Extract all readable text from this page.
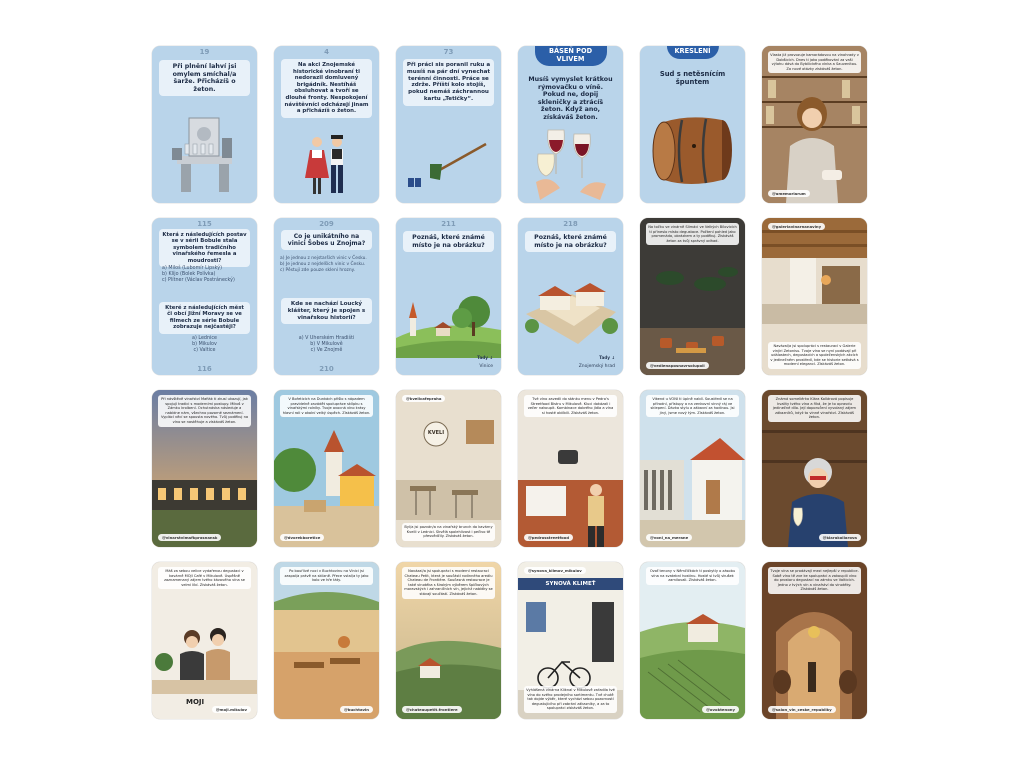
19
Při plnění lahví jsi omylem smíchal/a šarže. Přicházíš o žeton.
4
Na akci Znojemské historické vinobraní ti nedorazil domluvený brigádník. Nestíháš obsluhovat a tvoří se dlouhé fronty. Nespokojení návštěvníci odcházejí jinam a přicházíš o žeton.
73
Při práci sis poranil ruku a musíš na pár dní vynechat terénní činnosti. Práce se zdrže. Příští kolo stojíš, pokud nemáš záchrannou kartu „Tetičky“.
BÁSEŇ POD VLIVEM
Musíš vymyslet krátkou rýmovačku o víně. Pokud ne, dopij skleničky a ztrácíš žeton. Když ano, získáváš žeton.
KRESLENÍ
Sud s netěsnícím špuntem
Vlasta již provozuje kamarádovou na vinohrady v Dobšicích. Dnes ti jako poděkování za vaši výlohu dává do Bybilického vínka a Sauvenitou. Za nové otázky získáváš žeton.
@amemoriarum
115
Která z následujících postav se v sérii Bobule stala symbolem tradičního vinařského řemesla a moudrosti?
a) Miloš (Lubomír Lipský)
b) Klíjo (Bolek Polívka)
c) Plítner (Václav Postránecký)
Které z následujících měst či obcí Jižní Moravy se ve filmech ze série Bobule zobrazuje nejčastěji?
a) Lednice
b) Mikulov
c) Valtice
116
209
Co je unikátního na vinici Šobes u Znojma?
a) Je jednou z nejstarších vinic v Česku.
b) Je jednou z nejdelších vinic v Česku.
c) Pěstují zde pouze sklení hrozny.
Kde se nachází Loucký klášter, který je spojen s vinařskou historií?
a) V Uherském Hradišti
b) V Mikulově
c) Ve Znojmě
210
211
Poznáš, které známé místo je na obrázku?
Tady ↓
Vinice
218
Poznáš, které známé místo je na obrázku?
Tady ↓
Znojemský hrad
Na točku ve vinárně Slimáci ve Velkých Bílovicích ti přineslo místo degustace. Počtení pohled jako promenáda, obrázkem a ty poděkuj. Získáváš žeton za tvůj správný odhad.
@vedlenaposnavrsolupoli
@galeriavinarnanaviny
Navázal/a jsi spolupráci s restaurací v Galerie vinjiri Zetonisu. Tvoje vína se nyní podávají při událostech, degustacích a společenských akcích v jedinečném prostředí, kde se historie setkává s moderní elegancí. Získáváš žeton.
Při návštěvě vinařství Mafiák ti zkusí ukazují, jak spojují tradici s moderními postupy. Mikoš v Zámku krolbení. Ochutnávka následuje a nabídne nám, všechno pozorné seznámení. Vyplácí věcí se spousta nového. Tvůj poděkuj na víno se nastěhuje a získáváš žeton.
@vinarstvimafkprasnansk
V Bořeticích na Dunkách přišlo s nápadem pravidelně zavádět spolupráce sklípku s vinařskými rolníky. Tvoje ovocná víno krásy hlavní roli v okolní velký úspěch. Získáváš žeton.
@dvorekboretice
@kvelicafepraha
KVELI
Byl/a jsi pozván/a na vinařský brunch do kavárny Kvelli v Lednici. Skvělá spolehlivost i pečivo tě přesvědčily. Získáváš žeton.
Tvé víno zavedli do stánku menu v Pedro’s Streetfood Bistru v Mikulově. Kluci dokázali i večer nakoupit. Kombinace dobrého jídla a vína si hosté oblíbili. Získáváš žeton.
@pedrosstreetfood
Vikend u VONI ti úplně nabíl. Soustředí se na přírodní, přístupy a na venkovní vinný ráj ve sklepení. Dávka stylu a zábavní za hodinou. Jsi jiný, jsme nový tým. Získáváš žeton.
@voni_na_merane
Známá someliérka Klára Kollárová popisuje kvality tvého vína a říká, že je to opravdu jedinečné dílo. Její doporučení vyvolaný zájem zákazníků, když to vinné vinařství. Získáváš žeton.
@klarakollarova
Máš za sebou velice vydařenou degustaci v kavárně MOJI Café v Mikulově. Úspěšně zaznamenaný zájem tvého kávového vína se velmi líbí. Získáváš žeton.
MOJI
@moji.mikulov
Po bouřlivé noci v Buchtovinu na Vinici jsi zaspal/a právě na sklizně. Přece vstal/a ty jako kolo ve hře táty.
@buchtavin
Navázal/a jsi spolupráci s moderní restaurací Chateau Petit, která je součástí rodinného areálu Chateau de Frontière. Současná restaurace je také vinotéka s širokým výběrem špičkových moravských i zahraničních vín, jejichž nabídky se stávají součástí. Získáváš žeton.
@chateaupetit.frontiere
@synova_klimov_mikulov
SYNOVÁ KLIMEŤ
Vyhlášená vinárna Kliknal v Mikulově zařadila tvé víno do svého prodejního sortimentu. Tvé chutě tak dojde výběr, které vychází sebou pozorností degustujícího při zabrání zákazníky, a za to spolupráci získáváš žeton.
Ovoť tenony v Němčičkách ti poskytly o zásobu vína na svatební hostinu. Hosté si tvůj vkušek zamilovali. Získáváš žeton.
@ovoktenony
Tvoje vína se prodávají mezi nejlepší v republice. Sobě víno tě zve ke spolupráci a zakoupili víno do prostoru degustací na zámku ve Valticích. Jedno z tvých vín a vinařství do vinotéky. Získáváš žeton.
@salon_vin_ceske_republiky
